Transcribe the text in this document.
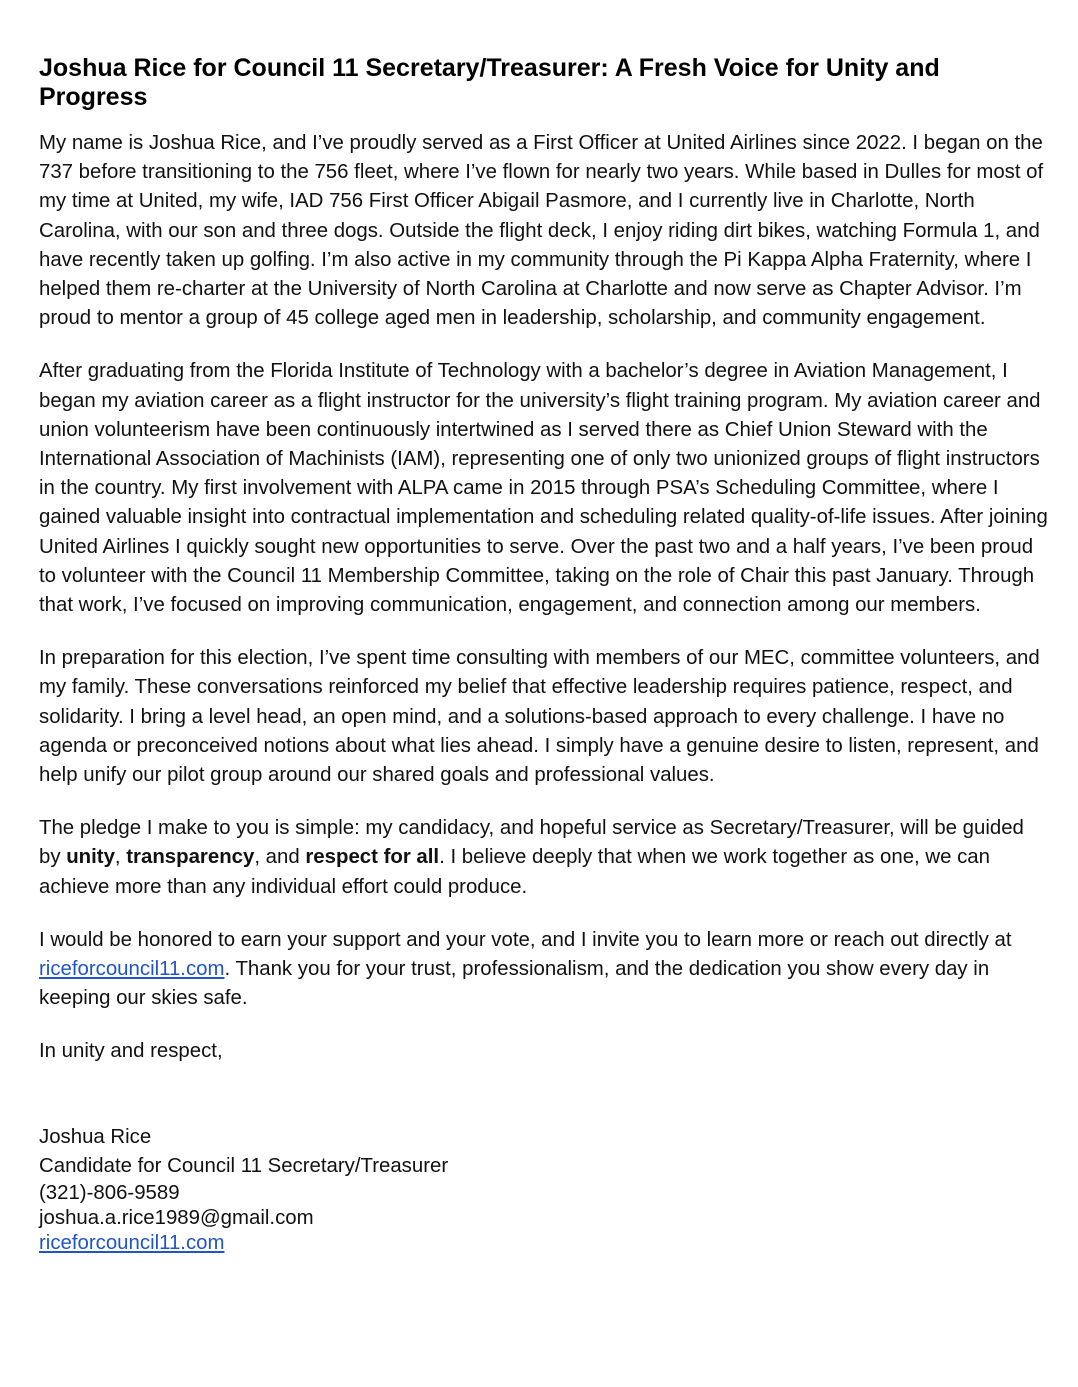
Joshua Rice for Council 11 Secretary/Treasurer: A Fresh Voice for Unity and Progress

My name is Joshua Rice, and I’ve proudly served as a First Officer at United Airlines since 2022. I began on the 737 before transitioning to the 756 fleet, where I’ve flown for nearly two years. While based in Dulles for most of my time at United, my wife, IAD 756 First Officer Abigail Pasmore, and I currently live in Charlotte, North Carolina, with our son and three dogs. Outside the flight deck, I enjoy riding dirt bikes, watching Formula 1, and have recently taken up golfing. I’m also active in my community through the Pi Kappa Alpha Fraternity, where I helped them re-charter at the University of North Carolina at Charlotte and now serve as Chapter Advisor. I’m proud to mentor a group of 45 college aged men in leadership, scholarship, and community engagement.

After graduating from the Florida Institute of Technology with a bachelor’s degree in Aviation Management, I began my aviation career as a flight instructor for the university’s flight training program. My aviation career and union volunteerism have been continuously intertwined as I served there as Chief Union Steward with the International Association of Machinists (IAM), representing one of only two unionized groups of flight instructors in the country. My first involvement with ALPA came in 2015 through PSA’s Scheduling Committee, where I gained valuable insight into contractual implementation and scheduling related quality-of-life issues. After joining United Airlines I quickly sought new opportunities to serve. Over the past two and a half years, I’ve been proud to volunteer with the Council 11 Membership Committee, taking on the role of Chair this past January. Through that work, I’ve focused on improving communication, engagement, and connection among our members.

In preparation for this election, I’ve spent time consulting with members of our MEC, committee volunteers, and my family. These conversations reinforced my belief that effective leadership requires patience, respect, and solidarity. I bring a level head, an open mind, and a solutions-based approach to every challenge. I have no agenda or preconceived notions about what lies ahead. I simply have a genuine desire to listen, represent, and help unify our pilot group around our shared goals and professional values.

The pledge I make to you is simple: my candidacy, and hopeful service as Secretary/Treasurer, will be guided by unity, transparency, and respect for all. I believe deeply that when we work together as one, we can achieve more than any individual effort could produce.

I would be honored to earn your support and your vote, and I invite you to learn more or reach out directly at riceforcouncil11.com. Thank you for your trust, professionalism, and the dedication you show every day in keeping our skies safe.

In unity and respect,

Joshua Rice
Candidate for Council 11 Secretary/Treasurer
(321)-806-9589
joshua.a.rice1989@gmail.com
riceforcouncil11.com
